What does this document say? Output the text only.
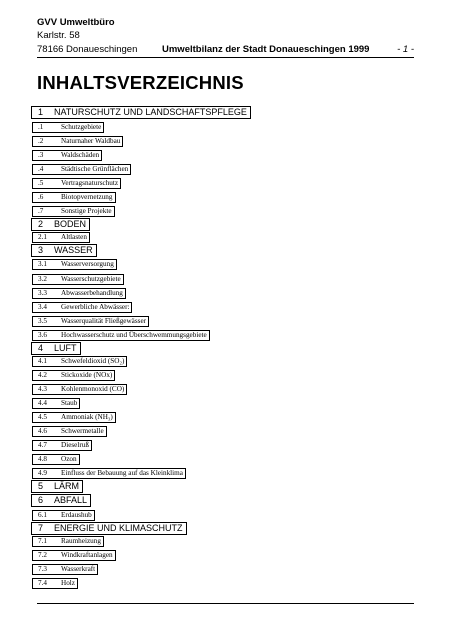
GVV Umweltbüro
Karlstr. 58
78166 Donaueschingen	Umweltbilanz der Stadt Donaueschingen 1999	- 1 -
INHALTSVERZEICHNIS
1 NATURSCHUTZ UND LANDSCHAFTSPFLEGE
.1 Schutzgebiete
.2 Naturnaher Waldbau
.3 Waldschäden
.4 Städtische Grünflächen
.5 Vertragsnaturschutz
.6 Biotopvernetzung
.7 Sonstige Projekte
2 BODEN
2.1 Altlasten
3 WASSER
3.1 Wasserversorgung
3.2 Wasserschutzgebiete
3.3 Abwasserbehandlung
3.4 Gewerbliche Abwässer:
3.5 Wasserqualität Fließgewässer
3.6 Hochwasserschutz und Überschwemmungsgebiete
4 LUFT
4.1 Schwefeldioxid (SO₂)
4.2 Stickoxide (NOx)
4.3 Kohlenmonoxid (CO)
4.4 Staub
4.5 Ammoniak (NH₃)
4.6 Schwermetalle
4.7 Dieselruß
4.8 Ozon
4.9 Einfluss der Bebauung auf das Kleinklima
5 LÄRM
6 ABFALL
6.1 Erdaushub
7 ENERGIE UND KLIMASCHUTZ
7.1 Raumheizung
7.2 Windkraftanlagen
7.3 Wasserkraft
7.4 Holz
